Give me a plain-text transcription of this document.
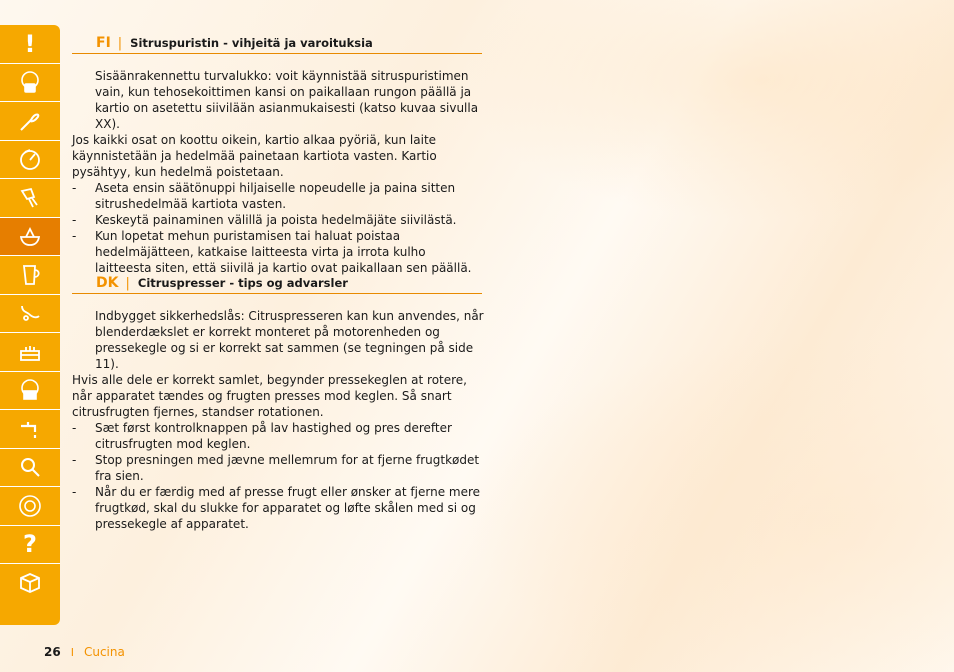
!
?
FI | Sitruspuristin - vihjeitä ja varoituksia

Sisäänrakennettu turvalukko: voit käynnistää sitruspuristimen vain, kun tehosekoittimen kansi on paikallaan rungon päällä ja kartio on asetettu siivilään asianmukaisesti (katso kuvaa sivulla XX).

Jos kaikki osat on koottu oikein, kartio alkaa pyöriä, kun laite käynnistetään ja hedelmää painetaan kartiota vasten. Kartio pysähtyy, kun hedelmä poistetaan.

-	Aseta ensin säätönuppi hiljaiselle nopeudelle ja paina sitten sitrushedelmää kartiota vasten.
-	Keskeytä painaminen välillä ja poista hedelmäjäte siivilästä.
-	Kun lopetat mehun puristamisen tai haluat poistaa hedelmäjätteen, katkaise laitteesta virta ja irrota kulho laitteesta siten, että siivilä ja kartio ovat paikallaan sen päällä.
DK | Citruspresser - tips og advarsler

Indbygget sikkerhedslås: Citruspresseren kan kun anvendes, når blenderdækslet er korrekt monteret på motorenheden og pressekegle og si er korrekt sat sammen (se tegningen på side 11).

Hvis alle dele er korrekt samlet, begynder pressekeglen at rotere, når apparatet tændes og frugten presses mod keglen. Så snart citrusfrugten fjernes, standser rotationen.

-	Sæt først kontrolknappen på lav hastighed og pres derefter citrusfrugten mod keglen.
-	Stop presningen med jævne mellemrum for at fjerne frugtkødet fra sien.
-	Når du er færdig med af presse frugt eller ønsker at fjerne mere frugtkød, skal du slukke for apparatet og løfte skålen med si og pressekegle af apparatet.
26 I Cucina
